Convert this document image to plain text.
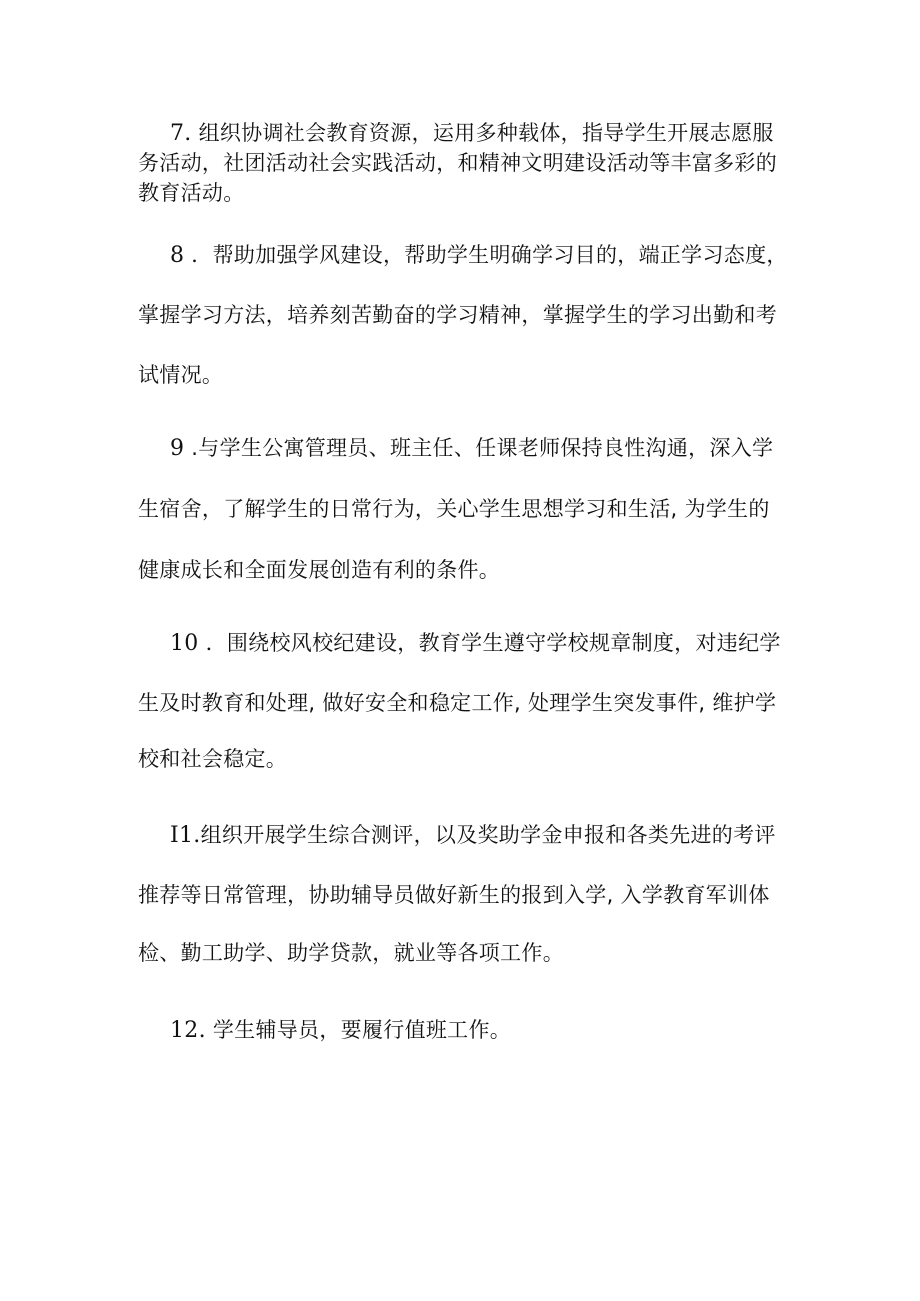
7. 组织协调社会教育资源，运用多种载体，指导学生开展志愿服
务活动，社团活动社会实践活动，和精神文明建设活动等丰富多彩的
教育活动。
8 ．帮助加强学风建设，帮助学生明确学习目的，端正学习态度，
掌握学习方法，培养刻苦勤奋的学习精神，掌握学生的学习出勤和考
试情况。
9 .与学生公寓管理员、班主任、任课老师保持良性沟通，深入学
生宿舍，了解学生的日常行为，关心学生思想学习和生活, 为学生的
健康成长和全面发展创造有利的条件。
10 ．围绕校风校纪建设，教育学生遵守学校规章制度，对违纪学
生及时教育和处理, 做好安全和稳定工作, 处理学生突发事件, 维护学
校和社会稳定。
I1.组织开展学生综合测评，以及奖助学金申报和各类先进的考评
推荐等日常管理，协助辅导员做好新生的报到入学, 入学教育军训体
检、勤工助学、助学贷款，就业等各项工作。
12. 学生辅导员，要履行值班工作。
